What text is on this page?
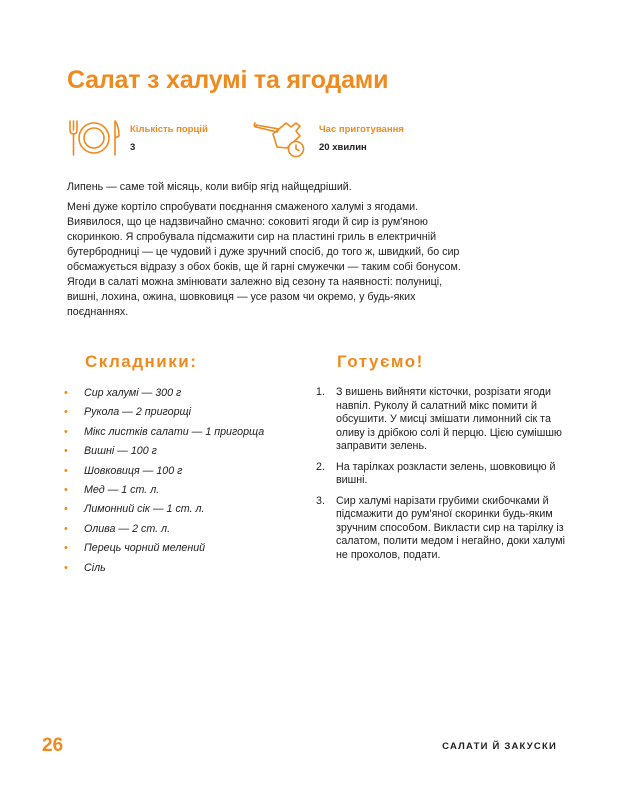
Салат з халумі та ягодами
Кількість порцій
3
Час приготування
20 хвилин

Липень — саме той місяць, коли вибір ягід найщедріший.

Мені дуже кортіло спробувати поєднання смаженого халумі з ягодами. Виявилося, що це надзвичайно смачно: соковиті ягоди й сир із рум'яною скоринкою. Я спробувала підсмажити сир на пластині гриль в електричній бутербродниці — це чудовий і дуже зручний спосіб, до того ж, швидкий, бо сир обсмажується відразу з обох боків, ще й гарні смужечки — таким собі бонусом. Ягоди в салаті можна змінювати залежно від сезону та наявності: полуниці, вишні, лохина, ожина, шовковиця — усе разом чи окремо, у будь-яких поєднаннях.

Складники:
• Сир халумі — 300 г
• Рукола — 2 пригорщі
• Мікс листків салати — 1 пригорща
• Вишні — 100 г
• Шовковиця — 100 г
• Мед — 1 ст. л.
• Лимонний сік — 1 ст. л.
• Олива — 2 ст. л.
• Перець чорний мелений
• Сіль
Готуємо!
1. З вишень вийняти кісточки, розрізати ягоди навпіл. Руколу й салатний мікс помити й обсушити. У мисці змішати лимонний сік та оливу із дрібкою солі й перцю. Цією сумішшю заправити зелень.
2. На тарілках розкласти зелень, шовковицю й вишні.
3. Сир халумі нарізати грубими скибочками й підсмажити до рум'яної скоринки будь-яким зручним способом. Викласти сир на тарілку із салатом, полити медом і негайно, доки халумі не прохолов, подати.
26	САЛАТИ Й ЗАКУСКИ
